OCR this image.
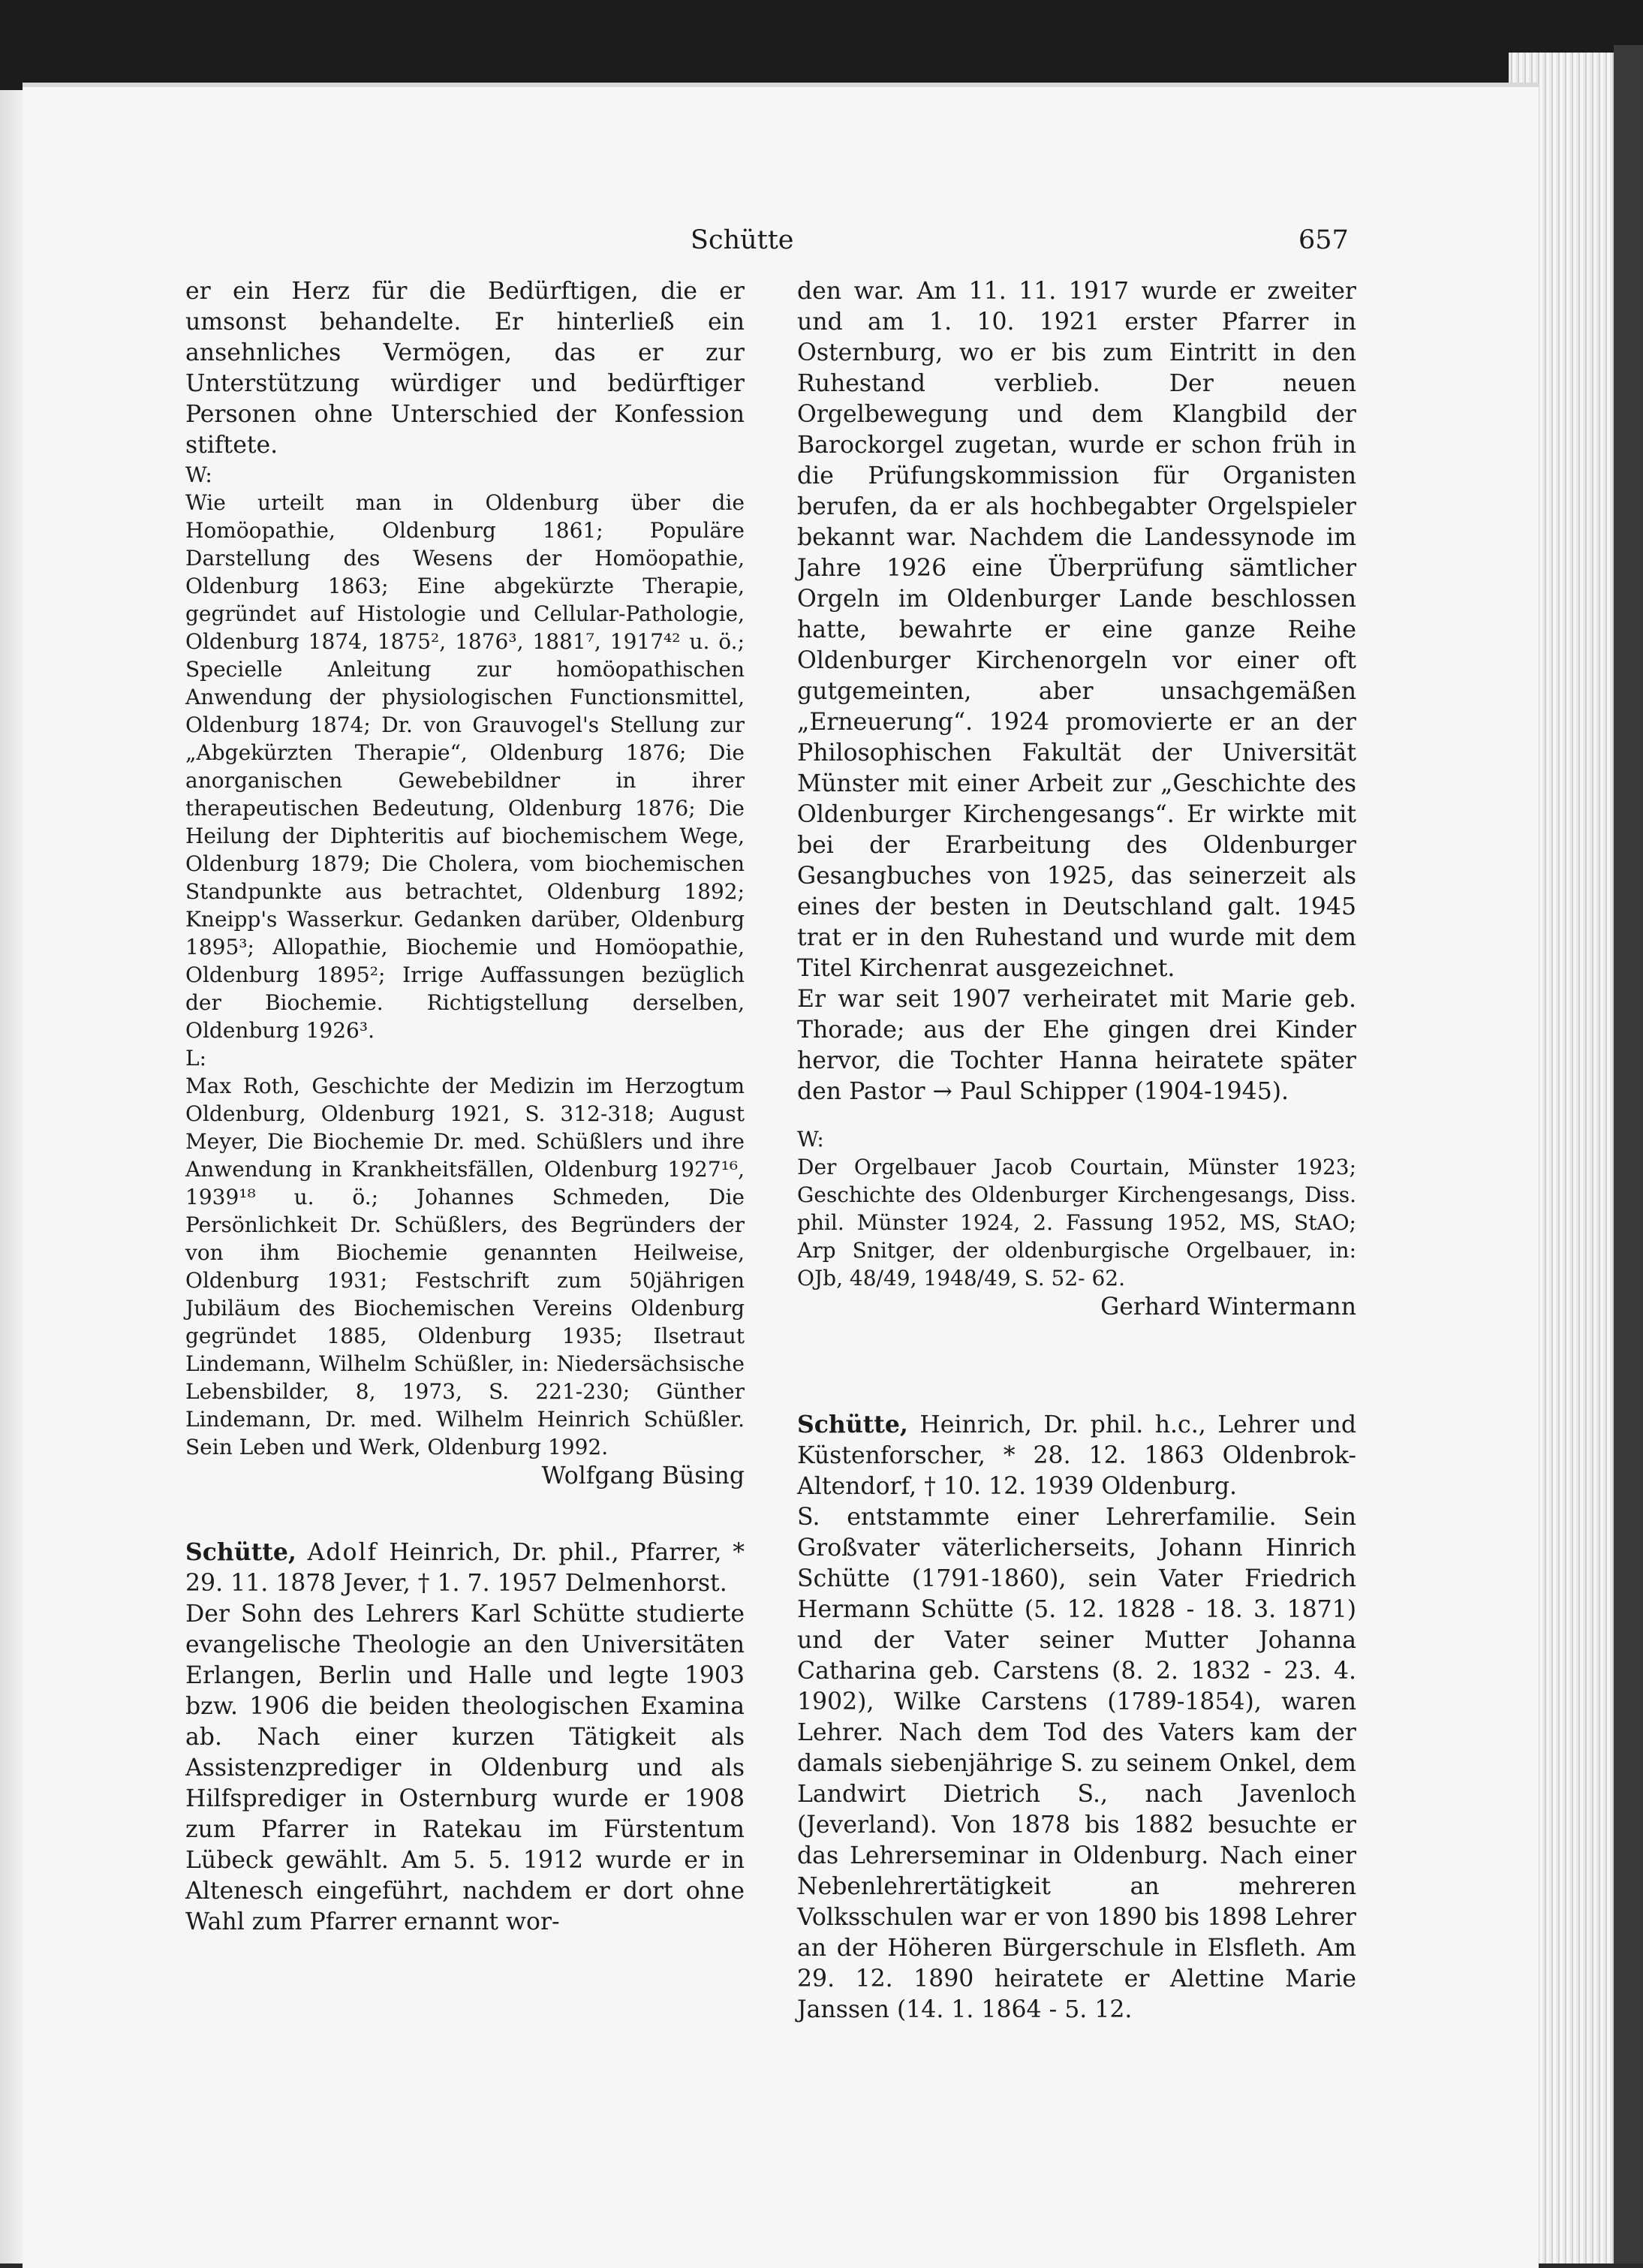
Schütte	657

er ein Herz für die Bedürftigen, die er umsonst behandelte. Er hinterließ ein ansehnliches Vermögen, das er zur Unterstützung würdiger und bedürftiger Personen ohne Unterschied der Konfession stiftete.

W:

Wie urteilt man in Oldenburg über die Homöopathie, Oldenburg 1861; Populäre Darstellung des Wesens der Homöopathie, Oldenburg 1863; Eine abgekürzte Therapie, gegründet auf Histologie und Cellular-Pathologie, Oldenburg 1874, 1875², 1876³, 1881⁷, 1917⁴² u. ö.; Specielle Anleitung zur homöopathischen Anwendung der physiologischen Functionsmittel, Oldenburg 1874; Dr. von Grauvogel's Stellung zur „Abgekürzten Therapie“, Oldenburg 1876; Die anorganischen Gewebebildner in ihrer therapeutischen Bedeutung, Oldenburg 1876; Die Heilung der Diphteritis auf biochemischem Wege, Oldenburg 1879; Die Cholera, vom biochemischen Standpunkte aus betrachtet, Oldenburg 1892; Kneipp's Wasserkur. Gedanken darüber, Oldenburg 1895³; Allopathie, Biochemie und Homöopathie, Oldenburg 1895²; Irrige Auffassungen bezüglich der Biochemie. Richtigstellung derselben, Oldenburg 1926³.

L:

Max Roth, Geschichte der Medizin im Herzogtum Oldenburg, Oldenburg 1921, S. 312-318; August Meyer, Die Biochemie Dr. med. Schüßlers und ihre Anwendung in Krankheitsfällen, Oldenburg 1927¹⁶, 1939¹⁸ u. ö.; Johannes Schmeden, Die Persönlichkeit Dr. Schüßlers, des Begründers der von ihm Biochemie genannten Heilweise, Oldenburg 1931; Festschrift zum 50jährigen Jubiläum des Biochemischen Vereins Oldenburg gegründet 1885, Oldenburg 1935; Ilsetraut Lindemann, Wilhelm Schüßler, in: Niedersächsische Lebensbilder, 8, 1973, S. 221-230; Günther Lindemann, Dr. med. Wilhelm Heinrich Schüßler. Sein Leben und Werk, Oldenburg 1992.

Wolfgang Büsing

Schütte, Adolf Heinrich, Dr. phil., Pfarrer, * 29. 11. 1878 Jever, † 1. 7. 1957 Delmenhorst.

Der Sohn des Lehrers Karl Schütte studierte evangelische Theologie an den Universitäten Erlangen, Berlin und Halle und legte 1903 bzw. 1906 die beiden theologischen Examina ab. Nach einer kurzen Tätigkeit als Assistenzprediger in Oldenburg und als Hilfsprediger in Osternburg wurde er 1908 zum Pfarrer in Ratekau im Fürstentum Lübeck gewählt. Am 5. 5. 1912 wurde er in Altenesch eingeführt, nachdem er dort ohne Wahl zum Pfarrer ernannt wor-

den war. Am 11. 11. 1917 wurde er zweiter und am 1. 10. 1921 erster Pfarrer in Osternburg, wo er bis zum Eintritt in den Ruhestand verblieb. Der neuen Orgelbewegung und dem Klangbild der Barockorgel zugetan, wurde er schon früh in die Prüfungskommission für Organisten berufen, da er als hochbegabter Orgelspieler bekannt war. Nachdem die Landessynode im Jahre 1926 eine Überprüfung sämtlicher Orgeln im Oldenburger Lande beschlossen hatte, bewahrte er eine ganze Reihe Oldenburger Kirchenorgeln vor einer oft gutgemeinten, aber unsachgemäßen „Erneuerung“. 1924 promovierte er an der Philosophischen Fakultät der Universität Münster mit einer Arbeit zur „Geschichte des Oldenburger Kirchengesangs“. Er wirkte mit bei der Erarbeitung des Oldenburger Gesangbuches von 1925, das seinerzeit als eines der besten in Deutschland galt. 1945 trat er in den Ruhestand und wurde mit dem Titel Kirchenrat ausgezeichnet.

Er war seit 1907 verheiratet mit Marie geb. Thorade; aus der Ehe gingen drei Kinder hervor, die Tochter Hanna heiratete später den Pastor → Paul Schipper (1904-1945).

W:

Der Orgelbauer Jacob Courtain, Münster 1923; Geschichte des Oldenburger Kirchengesangs, Diss. phil. Münster 1924, 2. Fassung 1952, MS, StAO; Arp Snitger, der oldenburgische Orgelbauer, in: OJb, 48/49, 1948/49, S. 52- 62.

Gerhard Wintermann

Schütte, Heinrich, Dr. phil. h.c., Lehrer und Küstenforscher, * 28. 12. 1863 Oldenbrok-Altendorf, † 10. 12. 1939 Oldenburg.

S. entstammte einer Lehrerfamilie. Sein Großvater väterlicherseits, Johann Hinrich Schütte (1791-1860), sein Vater Friedrich Hermann Schütte (5. 12. 1828 - 18. 3. 1871) und der Vater seiner Mutter Johanna Catharina geb. Carstens (8. 2. 1832 - 23. 4. 1902), Wilke Carstens (1789-1854), waren Lehrer. Nach dem Tod des Vaters kam der damals siebenjährige S. zu seinem Onkel, dem Landwirt Dietrich S., nach Javenloch (Jeverland). Von 1878 bis 1882 besuchte er das Lehrerseminar in Oldenburg. Nach einer Nebenlehrertätigkeit an mehreren Volksschulen war er von 1890 bis 1898 Lehrer an der Höheren Bürgerschule in Elsfleth. Am 29. 12. 1890 heiratete er Alettine Marie Janssen (14. 1. 1864 - 5. 12.
